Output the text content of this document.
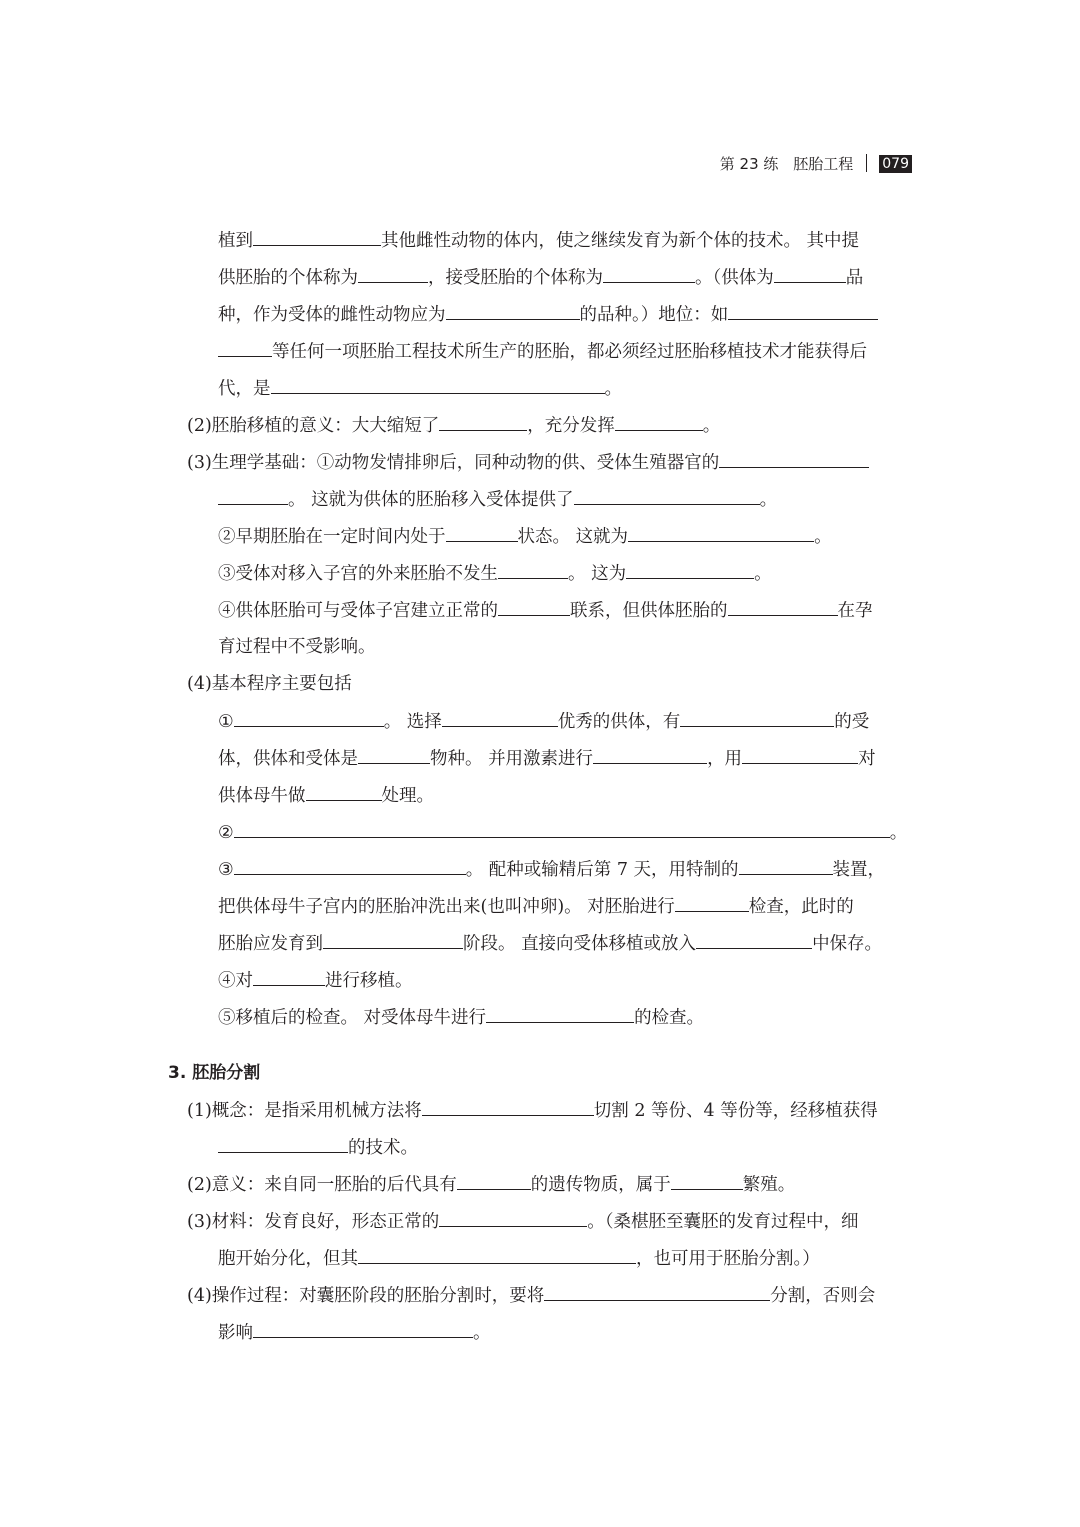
第 23 练 胚胎工程 079
植到	其他雌性动物的体内，使之继续发育为新个体的技术。 其中提
供胚胎的个体称为	，接受胚胎的个体称为	。（供体为	品
种，作为受体的雌性动物应为	的品种。）地位：如
等任何一项胚胎工程技术所生产的胚胎，都必须经过胚胎移植技术才能获得后
代，是	。
(2)胚胎移植的意义：大大缩短了	，充分发挥	。
(3)生理学基础：①动物发情排卵后，同种动物的供、受体生殖器官的
。 这就为供体的胚胎移入受体提供了	。
②早期胚胎在一定时间内处于	状态。 这就为	。
③受体对移入子宫的外来胚胎不发生	。 这为	。
④供体胚胎可与受体子宫建立正常的	联系，但供体胚胎的	在孕
育过程中不受影响。
(4)基本程序主要包括
①	。 选择	优秀的供体，有	的受
体，供体和受体是	物种。 并用激素进行	，用	对
供体母牛做	处理。
②	。
③	。 配种或输精后第 7 天，用特制的	装置，
把供体母牛子宫内的胚胎冲洗出来(也叫冲卵)。 对胚胎进行	检查，此时的
胚胎应发育到	阶段。 直接向受体移植或放入	中保存。
④对	进行移植。
⑤移植后的检查。 对受体母牛进行	的检查。
3. 胚胎分割
(1)概念：是指采用机械方法将	切割 2 等份、4 等份等，经移植获得
的技术。
(2)意义：来自同一胚胎的后代具有	的遗传物质，属于	繁殖。
(3)材料：发育良好，形态正常的	。（桑椹胚至囊胚的发育过程中，细
胞开始分化，但其	，也可用于胚胎分割。）
(4)操作过程：对囊胚阶段的胚胎分割时，要将	分割，否则会
影响	。
